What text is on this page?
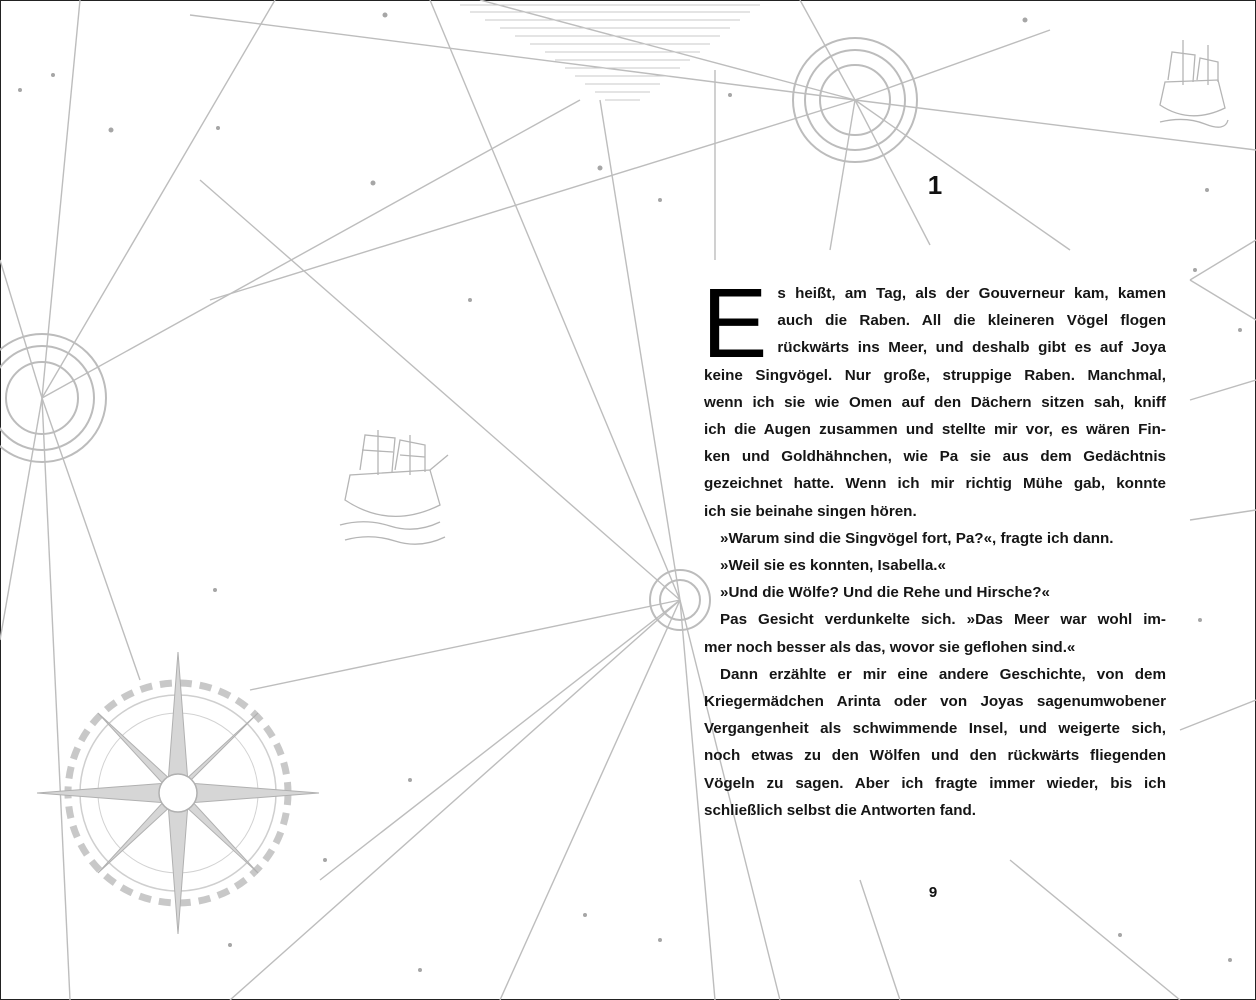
1
E s heißt, am Tag, als der Gouverneur kam, kamen
auch die Raben. All die kleineren Vögel flogen
rückwärts ins Meer, und deshalb gibt es auf Joya
keine Singvögel. Nur große, struppige Raben. Manchmal,
wenn ich sie wie Omen auf den Dächern sitzen sah, kniff
ich die Augen zusammen und stellte mir vor, es wären Fin-
ken und Goldhähnchen, wie Pa sie aus dem Gedächtnis
gezeichnet hatte. Wenn ich mir richtig Mühe gab, konnte
ich sie beinahe singen hören.
»Warum sind die Singvögel fort, Pa?«, fragte ich dann.
»Weil sie es konnten, Isabella.«
»Und die Wölfe? Und die Rehe und Hirsche?«
Pas Gesicht verdunkelte sich. »Das Meer war wohl im-
mer noch besser als das, wovor sie geflohen sind.«
Dann erzählte er mir eine andere Geschichte, von dem
Kriegermädchen Arinta oder von Joyas sagenumwobener
Vergangenheit als schwimmende Insel, und weigerte sich,
noch etwas zu den Wölfen und den rückwärts fliegenden
Vögeln zu sagen. Aber ich fragte immer wieder, bis ich
schließlich selbst die Antworten fand.
9
